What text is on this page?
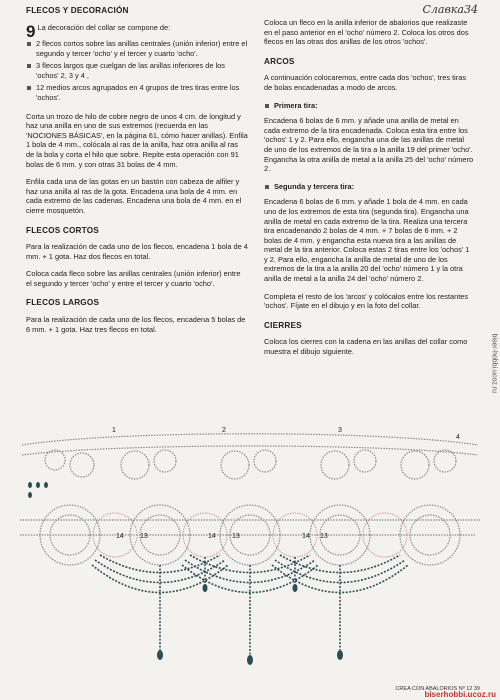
Славка34
FLECOS Y DECORACIÓN

9 La decoración del collar se compone de:

2 flecos cortos sobre las anillas centrales (unión inferior) entre el segundo y tercer 'ocho' y el tercer y cuarto 'ocho'.
3 flecos largos que cuelgan de las anillas inferiores de los 'ochos' 2, 3 y 4 ,
12 medios arcos agrupados en 4 grupos de tres tiras entre los 'ochos'.

Corta un trozo de hilo de cobre negro de unos 4 cm. de longitud y haz una anilla en uno de sus extremos (recuerda en las 'NOCIONES BÁSICAS', en la página 61, cómo hacer anillas). Enfila 1 bola de 4 mm., colócala al ras de la anilla, haz otra anilla al ras de la bola y corta el hilo que sobre. Repite esta operación con 91 bolas de 6 mm. y con otras 31 bolas de 4 mm.

Enfila cada una de las gotas en un bastón con cabeza de alfiler y haz una anilla al ras de la gota. Encadena una bola de 4 mm. en cada extremo de las cadenas. Encadena una bola de 4 mm. en el cierre mosquetón.

FLECOS CORTOS

Para la realización de cada uno de los flecos, encadena 1 bola de 4 mm. + 1 gota. Haz dos flecos en total.

Coloca cada fleco sobre las anillas centrales (unión inferior) entre el segundo y tercer 'ocho' y entre el tercer y cuarto 'ocho'.

FLECOS LARGOS

Para la realización de cada uno de los flecos, encadena 5 bolas de 6 mm. + 1 gota. Haz tres flecos en total.

Coloca un fleco en la anilla inferior de abalorios que realizaste en el paso anterior en el 'ocho' número 2. Coloca los otros dos flecos en las otras dos anillas de los otros 'ochos'.

ARCOS

A continuación colocaremos, entre cada dos 'ochos', tres tiras de bolas encadenadas a modo de arcos.

Primera tira:

Encadena 6 bolas de 6 mm. y añade una anilla de metal en cada extremo de la tira encadenada. Coloca esta tira entre los 'ochos' 1 y 2. Para ello, engancha una de las anillas de metal de uno de los extremos de la tira a la anilla 19 del primer 'ocho'. Engancha la otra anilla de metal a la anilla 25 del 'ocho' número 2.

Segunda y tercera tira:

Encadena 6 bolas de 6 mm. y añade 1 bola de 4 mm. en cada uno de los extremos de esta tira (segunda tira). Engancha una anilla de metal en cada extremo de la tira. Realiza una tercera tira encadenando 2 bolas de 4 mm. + 7 bolas de 6 mm. + 2 bolas de 4 mm. y engancha esta nueva tira a las anillas de metal de la tira anterior. Coloca estas 2 tiras entre los 'ochos' 1 y 2. Para ello, engancha la anilla de metal de uno de los extremos de la tira a la anilla 20 del 'ocho' número 1 y la otra anilla de metal a la anilla 24 del 'ocho' número 2.

Completa el resto de los 'arcos' y colócalos entre los restantes 'ochos'. Fíjate en el dibujo y en la foto del collar.

CIERRES

Coloca los cierres con la cadena en las anillas del collar como muestra el dibujo siguiente.

1	2	3
4
14 13	14 13	14 13
biser-hobbi.ucoz.ru
CREA CON ABALORIOS Nº 12 39
biserhobbi.ucoz.ru
